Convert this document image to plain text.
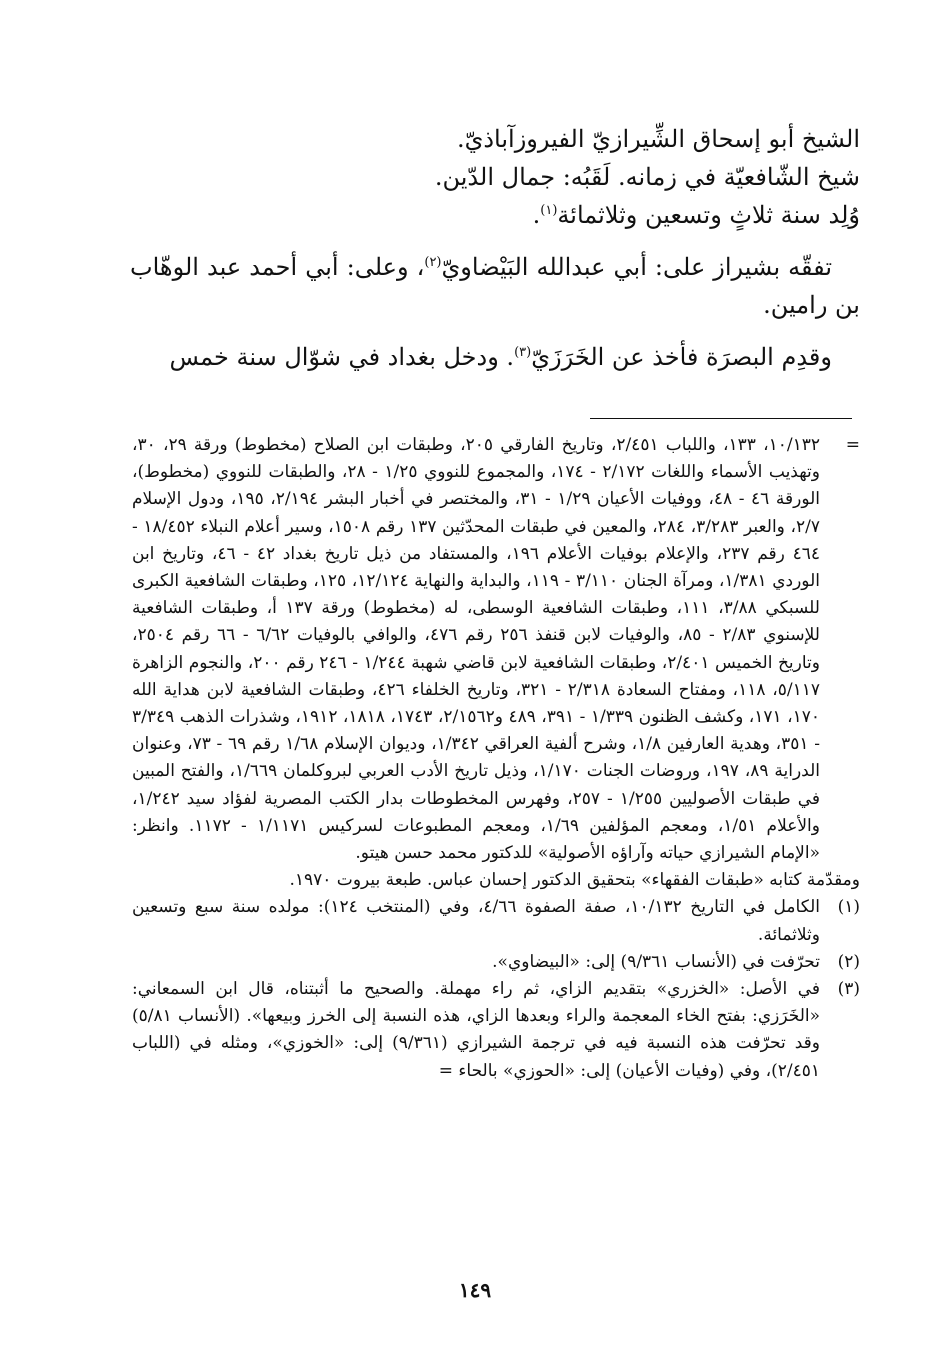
الشيخ أبو إسحاق الشِّيرازيّ الفيروزآباذيّ.
شيخ الشّافعيّة في زمانه. لَقَبُه: جمال الدّين.
وُلِد سنة ثلاثٍ وتسعين وثلاثمائة$^{(١)}$.

تفقّه بشيراز على: أبي عبدالله البَيْضاويّ$^{(٢)}$، وعلى: أبي أحمد عبد الوهّاب بن رامين.

وقدِم البصرَة فأخذ عن الخَرَزَيّ$^{(٣)}$. ودخل بغداد في شوّال سنة خمس

=

١٠/١٣٢، ١٣٣، واللباب ٢/٤٥١، وتاريخ الفارقي ٢٠٥، وطبقات ابن الصلاح (مخطوط) ورقة ٢٩، ٣٠، وتهذيب الأسماء واللغات ٢/١٧٢ - ١٧٤، والمجموع للنووي ١/٢٥ - ٢٨، والطبقات للنووي (مخطوط)، الورقة ٤٦ - ٤٨، ووفيات الأعيان ١/٢٩ - ٣١، والمختصر في أخبار البشر ٢/١٩٤، ١٩٥، ودول الإسلام ٢/٧، والعبر ٣/٢٨٣، ٢٨٤، والمعين في طبقات المحدّثين ١٣٧ رقم ١٥٠٨، وسير أعلام النبلاء ١٨/٤٥٢ - ٤٦٤ رقم ٢٣٧، والإعلام بوفيات الأعلام ١٩٦، والمستفاد من ذيل تاريخ بغداد ٤٢ - ٤٦، وتاريخ ابن الوردي ١/٣٨١، ومرآة الجنان ٣/١١٠ - ١١٩، والبداية والنهاية ١٢/١٢٤، ١٢٥، وطبقات الشافعية الكبرى للسبكي ٣/٨٨، ١١١، وطبقات الشافعية الوسطى، له (مخطوط) ورقة ١٣٧ أ، وطبقات الشافعية للإسنوي ٢/٨٣ - ٨٥، والوفيات لابن قنفذ ٢٥٦ رقم ٤٧٦، والوافي بالوفيات ٦/٦٢ - ٦٦ رقم ٢٥٠٤، وتاريخ الخميس ٢/٤٠١، وطبقات الشافعية لابن قاضي شهبة ١/٢٤٤ - ٢٤٦ رقم ٢٠٠، والنجوم الزاهرة ٥/١١٧، ١١٨، ومفتاح السعادة ٢/٣١٨ - ٣٢١، وتاريخ الخلفاء ٤٢٦، وطبقات الشافعية لابن هداية الله ١٧٠، ١٧١، وكشف الظنون ١/٣٣٩ - ٣٩١، ٤٨٩ و٢/١٥٦٢، ١٧٤٣، ١٨١٨، ١٩١٢، وشذرات الذهب ٣/٣٤٩ - ٣٥١، وهدية العارفين ١/٨، وشرح ألفية العراقي ١/٣٤٢، وديوان الإسلام ١/٦٨ رقم ٦٩ - ٧٣، وعنوان الدراية ٨٩، ١٩٧، وروضات الجنات ١/١٧٠، وذيل تاريخ الأدب العربي لبروكلمان ١/٦٦٩، والفتح المبين في طبقات الأصوليين ١/٢٥٥ - ٢٥٧، وفهرس المخطوطات بدار الكتب المصرية لفؤاد سيد ١/٢٤٢، والأعلام ١/٥١، ومعجم المؤلفين ١/٦٩، ومعجم المطبوعات لسركيس ١/١١٧١ - ١١٧٢. وانظر: «الإمام الشيرازي حياته وآراؤه الأصولية» للدكتور محمد حسن هيتو.

ومقدّمة كتابه «طبقات الفقهاء» بتحقيق الدكتور إحسان عباس. طبعة بيروت ١٩٧٠.

(١)

الكامل في التاريخ ١٠/١٣٢، صفة الصفوة ٤/٦٦، وفي (المنتخب ١٢٤): مولده سنة سبع وتسعين وثلاثمائة.

(٢)

تحرّفت في (الأنساب ٩/٣٦١) إلى: «البيضاوي».

(٣)

في الأصل: «الخزري» بتقديم الزاي، ثم راء مهملة. والصحيح ما أثبتناه، قال ابن السمعاني: «الخَرَزي: بفتح الخاء المعجمة والراء وبعدها الزاي، هذه النسبة إلى الخرز وبيعها». (الأنساب ٥/٨١) وقد تحرّفت هذه النسبة فيه في ترجمة الشيرازي (٩/٣٦١) إلى: «الخوزي»، ومثله في (اللباب ٢/٤٥١)، وفي (وفيات الأعيان) إلى: «الحوزي» بالحاء =

١٤٩
